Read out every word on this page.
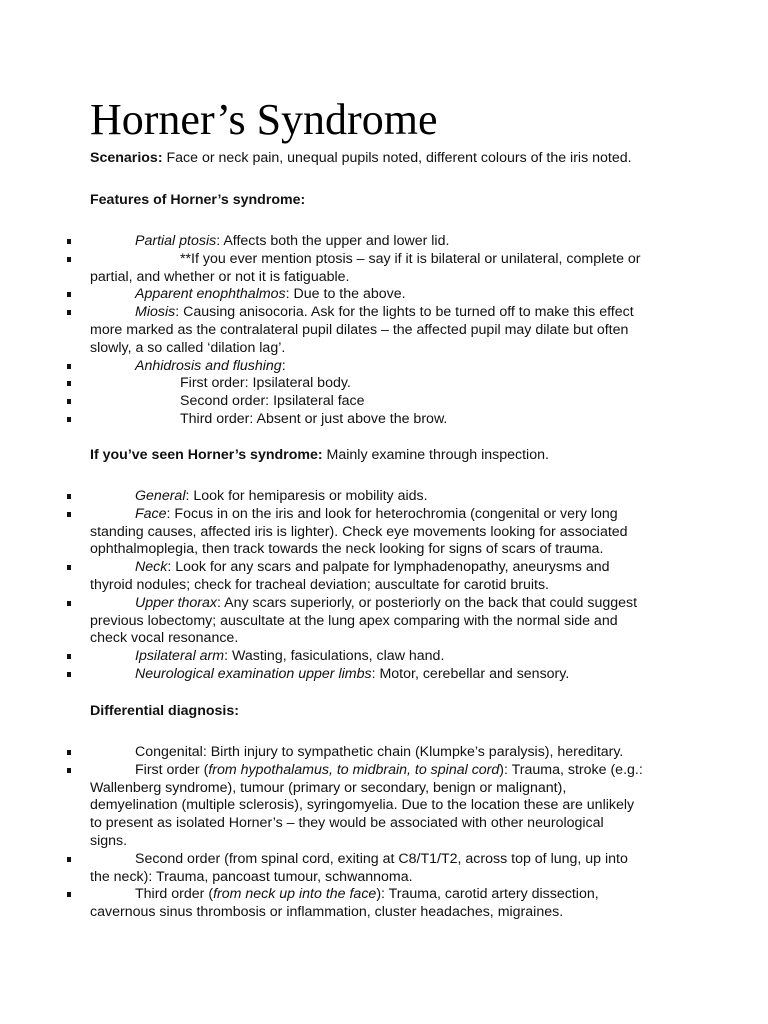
Horner’s Syndrome

Scenarios: Face or neck pain, unequal pupils noted, different colours of the iris noted.

Features of Horner’s syndrome:

Partial ptosis: Affects both the upper and lower lid.
**If you ever mention ptosis – say if it is bilateral or unilateral, complete or
partial, and whether or not it is fatiguable.
Apparent enophthalmos: Due to the above.
Miosis: Causing anisocoria. Ask for the lights to be turned off to make this effect
more marked as the contralateral pupil dilates – the affected pupil may dilate but often
slowly, a so called ‘dilation lag’.
Anhidrosis and flushing:
First order: Ipsilateral body.
Second order: Ipsilateral face
Third order: Absent or just above the brow.

If you’ve seen Horner’s syndrome: Mainly examine through inspection.

General: Look for hemiparesis or mobility aids.
Face: Focus in on the iris and look for heterochromia (congenital or very long
standing causes, affected iris is lighter). Check eye movements looking for associated
ophthalmoplegia, then track towards the neck looking for signs of scars of trauma.
Neck: Look for any scars and palpate for lymphadenopathy, aneurysms and
thyroid nodules; check for tracheal deviation; auscultate for carotid bruits.
Upper thorax: Any scars superiorly, or posteriorly on the back that could suggest
previous lobectomy; auscultate at the lung apex comparing with the normal side and
check vocal resonance.
Ipsilateral arm: Wasting, fasiculations, claw hand.
Neurological examination upper limbs: Motor, cerebellar and sensory.

Differential diagnosis:

Congenital: Birth injury to sympathetic chain (Klumpke’s paralysis), hereditary.
First order (from hypothalamus, to midbrain, to spinal cord): Trauma, stroke (e.g.:
Wallenberg syndrome), tumour (primary or secondary, benign or malignant),
demyelination (multiple sclerosis), syringomyelia. Due to the location these are unlikely
to present as isolated Horner’s – they would be associated with other neurological
signs.
Second order (from spinal cord, exiting at C8/T1/T2, across top of lung, up into
the neck): Trauma, pancoast tumour, schwannoma.
Third order (from neck up into the face): Trauma, carotid artery dissection,
cavernous sinus thrombosis or inflammation, cluster headaches, migraines.
